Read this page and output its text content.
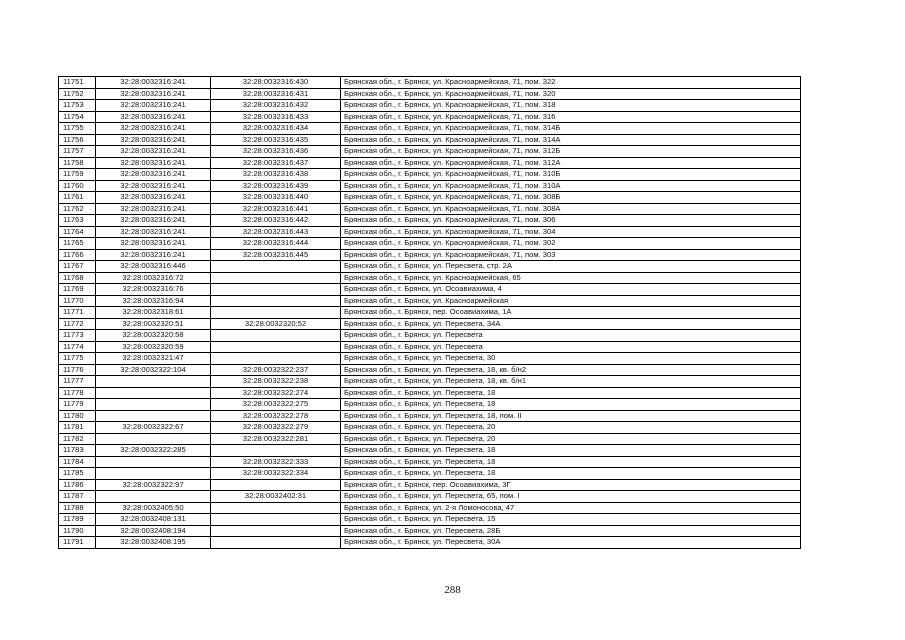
11751	32:28:0032316:241	32:28:0032316:430	Брянская обл., г. Брянск, ул. Красноармейская, 71, пом. 322
11752	32:28:0032316:241	32:28:0032316:431	Брянская обл., г. Брянск, ул. Красноармейская, 71, пом. 320
11753	32:28:0032316:241	32:28:0032316:432	Брянская обл., г. Брянск, ул. Красноармейская, 71, пом. 318
11754	32:28:0032316:241	32:28:0032316:433	Брянская обл., г. Брянск, ул. Красноармейская, 71, пом. 316
11755	32:28:0032316:241	32:28:0032316:434	Брянская обл., г. Брянск, ул. Красноармейская, 71, пом. 314Б
11756	32:28:0032316:241	32:28:0032316:435	Брянская обл., г. Брянск, ул. Красноармейская, 71, пом. 314А
11757	32:28:0032316:241	32:28:0032316:436	Брянская обл., г. Брянск, ул. Красноармейская, 71, пом. 312Б
11758	32:28:0032316:241	32:28:0032316:437	Брянская обл., г. Брянск, ул. Красноармейская, 71, пом. 312А
11759	32:28:0032316:241	32:28:0032316:438	Брянская обл., г. Брянск, ул. Красноармейская, 71, пом. 310Б
11760	32:28:0032316:241	32:28:0032316:439	Брянская обл., г. Брянск, ул. Красноармейская, 71, пом. 310А
11761	32:28:0032316:241	32:28:0032316:440	Брянская обл., г. Брянск, ул. Красноармейская, 71, пом. 308Б
11762	32:28:0032316:241	32:28:0032316:441	Брянская обл., г. Брянск, ул. Красноармейская, 71, пом. 308А
11763	32:28:0032316:241	32:28:0032316:442	Брянская обл., г. Брянск, ул. Красноармейская, 71, пом. 306
11764	32:28:0032316:241	32:28:0032316:443	Брянская обл., г. Брянск, ул. Красноармейская, 71, пом. 304
11765	32:28:0032316:241	32:28:0032316:444	Брянская обл., г. Брянск, ул. Красноармейская, 71, пом. 302
11766	32:28:0032316:241	32:28:0032316:445	Брянская обл., г. Брянск, ул. Красноармейская, 71, пом. 303
11767	32:28:0032316:446		Брянская обл., г. Брянск, ул. Пересвета, стр. 2А
11768	32:28:0032316:72		Брянская обл., г. Брянск, ул. Красноармейская, 65
11769	32:28:0032316:76		Брянская обл., г. Брянск, ул. Осоавиахима, 4
11770	32:28:0032316:94		Брянская обл., г. Брянск, ул. Красноармейская
11771	32:28:0032318:61		Брянская обл., г. Брянск, пер. Осоавиахима, 1А
11772	32:28:0032320:51	32:28:0032320:52	Брянская обл., г. Брянск, ул. Пересвета, 34А
11773	32:28:0032320:58		Брянская обл., г. Брянск, ул. Пересвета
11774	32:28:0032320:59		Брянская обл., г. Брянск, ул. Пересвета
11775	32:28:0032321:47		Брянская обл., г. Брянск, ул. Пересвета, 30
11776	32:28:0032322:104	32:28:0032322:237	Брянская обл., г. Брянск, ул. Пересвета, 18, кв. б/н2
11777		32:28:0032322:238	Брянская обл., г. Брянск, ул. Пересвета, 18, кв. б/н1
11778		32:28:0032322:274	Брянская обл., г. Брянск, ул. Пересвета, 18
11779		32:28:0032322:275	Брянская обл., г. Брянск, ул. Пересвета, 18
11780		32:28:0032322:278	Брянская обл., г. Брянск, ул. Пересвета, 18, пом. II
11781	32:28:0032322:67	32:28:0032322:279	Брянская обл., г. Брянск, ул. Пересвета, 20
11782		32:28:0032322:281	Брянская обл., г. Брянск, ул. Пересвета, 20
11783	32:28:0032322:285		Брянская обл., г. Брянск, ул. Пересвета, 18
11784		32:28:0032322:333	Брянская обл., г. Брянск, ул. Пересвета, 18
11785		32:28:0032322:334	Брянская обл., г. Брянск, ул. Пересвета, 18
11786	32:28:0032322:97		Брянская обл., г. Брянск, пер. Осоавиахима, 3Г
11787		32:28:0032402:31	Брянская обл., г. Брянск, ул. Пересвета, 65, пом. I
11788	32:28:0032405:50		Брянская обл., г. Брянск, ул. 2-я Ломоносова, 47
11789	32:28:0032408:131		Брянская обл., г. Брянск, ул. Пересвета, 15
11790	32:28:0032408:194		Брянская обл., г. Брянск, ул. Пересвета, 28Б
11791	32:28:0032408:195		Брянская обл., г. Брянск, ул. Пересвета, 30А
288
